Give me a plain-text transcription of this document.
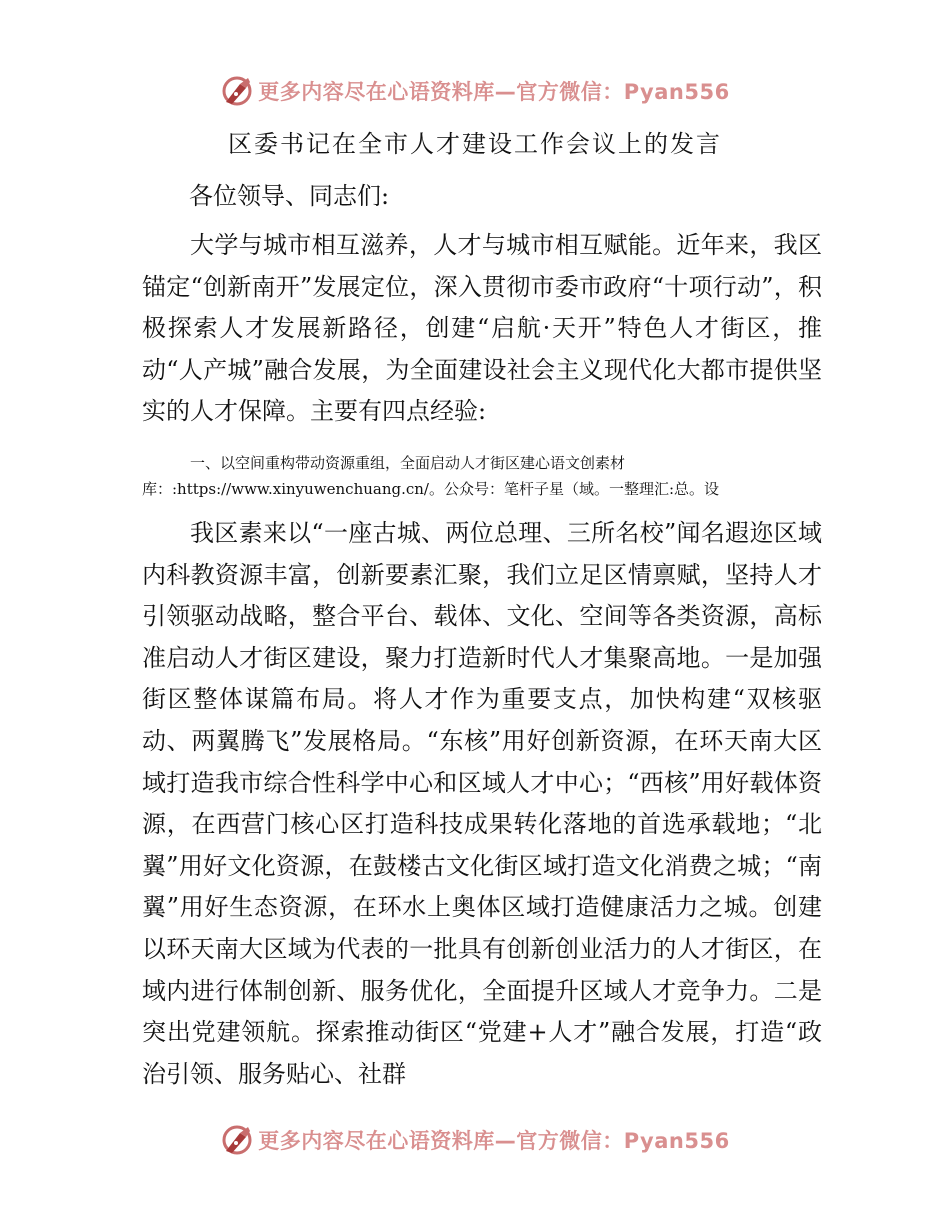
更多内容尽在心语资料库—官方微信：Pyan556
区委书记在全市人才建设工作会议上的发言
各位领导、同志们:

大学与城市相互滋养，人才与城市相互赋能。近年来，我区锚定“创新南开”发展定位，深入贯彻市委市政府“十项行动”，积极探索人才发展新路径，创建“启航·天开”特色人才街区，推动“人产城”融合发展，为全面建设社会主义现代化大都市提供坚实的人才保障。主要有四点经验:

一、以空间重构带动资源重组，全面启动人才街区建心语文创素材库：:https://www.xinyuwenchuang.cn/。公众号：笔杆子星（域。一整理汇:总。设

我区素来以“一座古城、两位总理、三所名校”闻名遐迩区域内科教资源丰富，创新要素汇聚，我们立足区情禀赋，坚持人才引领驱动战略，整合平台、载体、文化、空间等各类资源，高标准启动人才街区建设，聚力打造新时代人才集聚高地。一是加强街区整体谋篇布局。将人才作为重要支点，加快构建“双核驱动、两翼腾飞”发展格局。“东核”用好创新资源，在环天南大区域打造我市综合性科学中心和区域人才中心；“西核”用好载体资源，在西营门核心区打造科技成果转化落地的首选承载地；“北翼”用好文化资源，在鼓楼古文化街区域打造文化消费之城；“南翼”用好生态资源，在环水上奥体区域打造健康活力之城。创建以环天南大区域为代表的一批具有创新创业活力的人才街区，在域内进行体制创新、服务优化，全面提升区域人才竞争力。二是突出党建领航。探索推动街区“党建+人才”融合发展，打造“政治引领、服务贴心、社群

更多内容尽在心语资料库—官方微信：Pyan556
